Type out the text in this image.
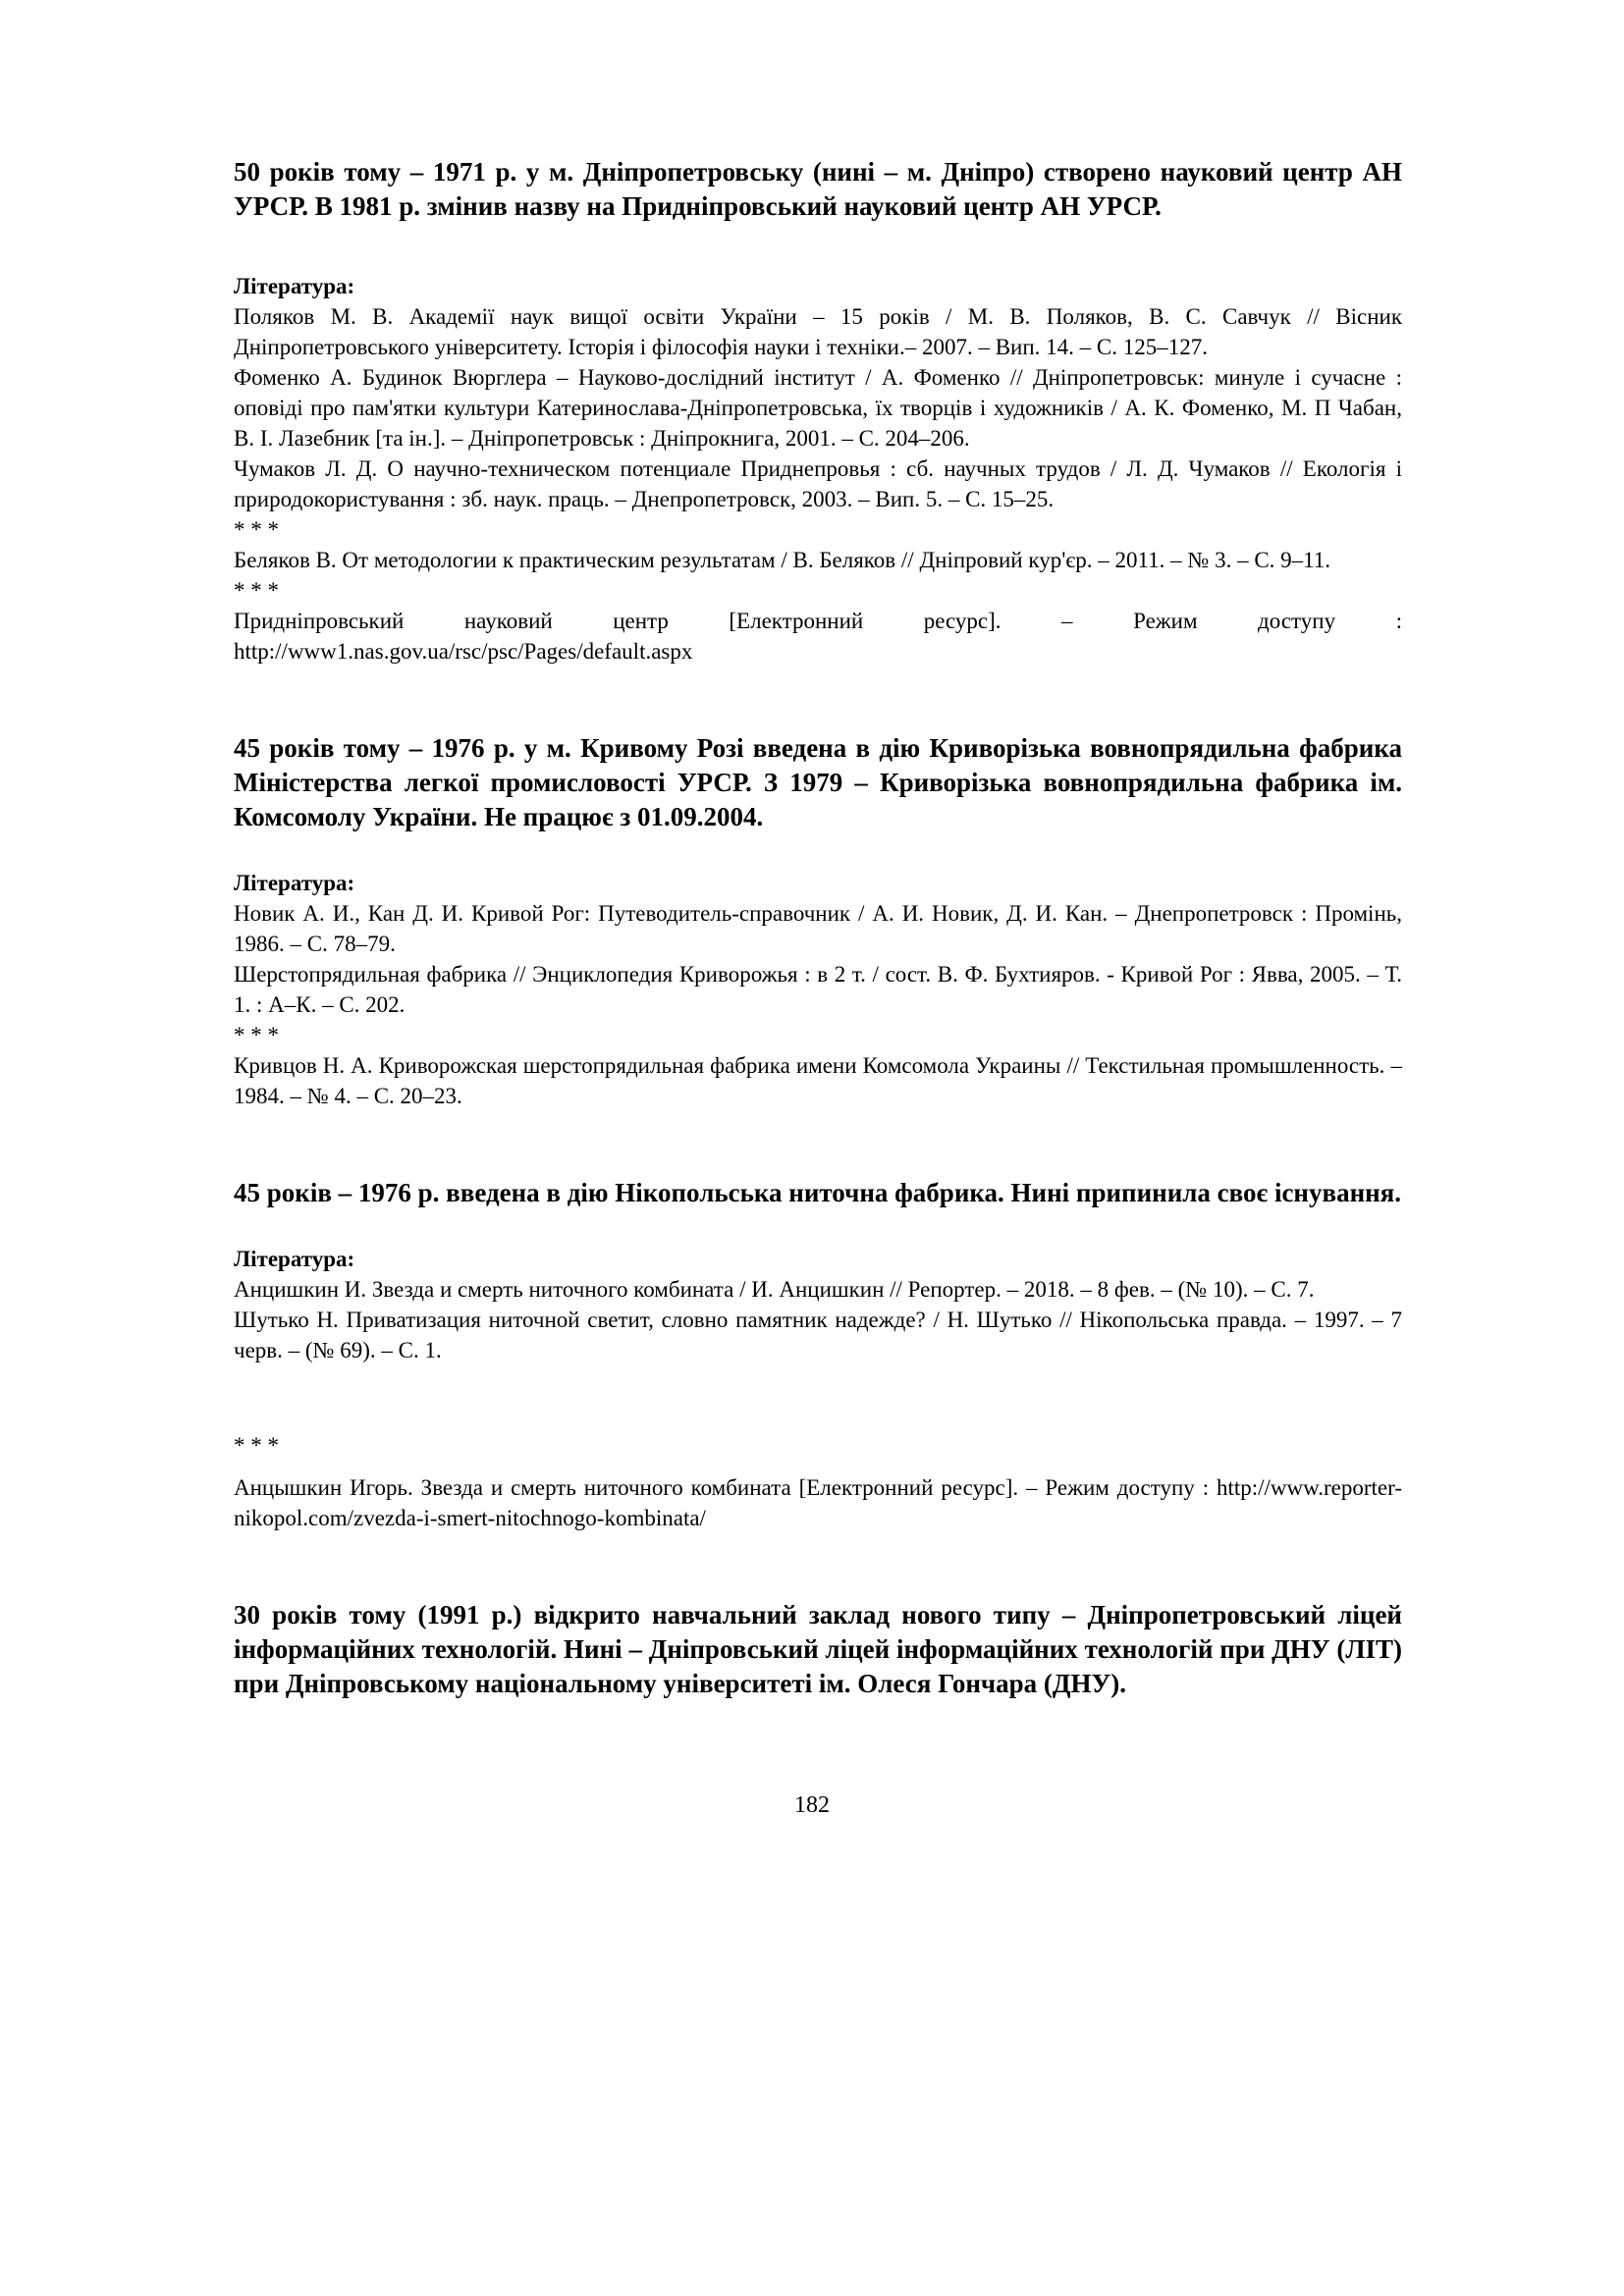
50 років тому – 1971 р. у м. Дніпропетровську (нині – м. Дніпро) створено науковий центр АН УРСР. В 1981 р. змінив назву на Придніпровський науковий центр АН УРСР.

Література:

Поляков М. В. Академії наук вищої освіти України – 15 років / М. В. Поляков, В. С. Савчук // Вісник Дніпропетровського університету. Історія і філософія науки і техніки.– 2007. – Вип. 14. – С. 125–127.

Фоменко А. Будинок Вюрглера – Науково-дослідний інститут / А. Фоменко // Дніпропетровськ: минуле і сучасне : оповіді про пам'ятки культури Катеринослава-Дніпропетровська, їх творців і художників / А. К. Фоменко, М. П Чабан, В. І. Лазебник [та ін.]. – Дніпропетровськ : Дніпрокнига, 2001. – С. 204–206.

Чумаков Л. Д. О научно-техническом потенциале Приднепровья : сб. научных трудов / Л. Д. Чумаков // Екологія і природокористування : зб. наук. праць. – Днепропетровск, 2003. – Вип. 5. – С. 15–25.

* * *

Беляков В. От методологии к практическим результатам / В. Беляков // Дніпровий кур'єр. – 2011. – № 3. – С. 9–11.

* * *

Придніпровський науковий центр [Електронний ресурс]. – Режим доступу : http://www1.nas.gov.ua/rsc/psc/Pages/default.aspx

45 років тому – 1976 р. у м. Кривому Розі введена в дію Криворізька вовнопрядильна фабрика Міністерства легкої промисловості УРСР. З 1979 – Криворізька вовнопрядильна фабрика ім. Комсомолу України. Не працює з 01.09.2004.

Література:

Новик А. И., Кан Д. И. Кривой Рог: Путеводитель-справочник / А. И. Новик, Д. И. Кан. – Днепропетровск : Промінь, 1986. – С. 78–79.

Шерстопрядильная фабрика // Энциклопедия Криворожья : в 2 т. / сост. В. Ф. Бухтияров. - Кривой Рог : Явва, 2005. – Т. 1. : А–К. – С. 202.

* * *

Кривцов Н. А. Криворожская шерстопрядильная фабрика имени Комсомола Украины // Текстильная промышленность. – 1984. – № 4. – С. 20–23.

45 років – 1976 р. введена в дію Нікопольська ниточна фабрика. Нині припинила своє існування.

Література:

Анцишкин И. Звезда и смерть ниточного комбината / И. Анцишкин // Репортер. – 2018. – 8 фев. – (№ 10). – С. 7.

Шутько Н. Приватизация ниточной светит, словно памятник надежде? / Н. Шутько // Нікопольська правда. – 1997. – 7 черв. – (№ 69). – С. 1.

* * *

Анцышкин Игорь. Звезда и смерть ниточного комбината [Електронний ресурс]. – Режим доступу : http://www.reporter-nikopol.com/zvezda-i-smert-nitochnogo-kombinata/

30 років тому (1991 р.) відкрито навчальний заклад нового типу – Дніпропетровський ліцей інформаційних технологій. Нині – Дніпровський ліцей інформаційних технологій при ДНУ (ЛІТ) при Дніпровському національному університеті ім. Олеся Гончара (ДНУ).

182
